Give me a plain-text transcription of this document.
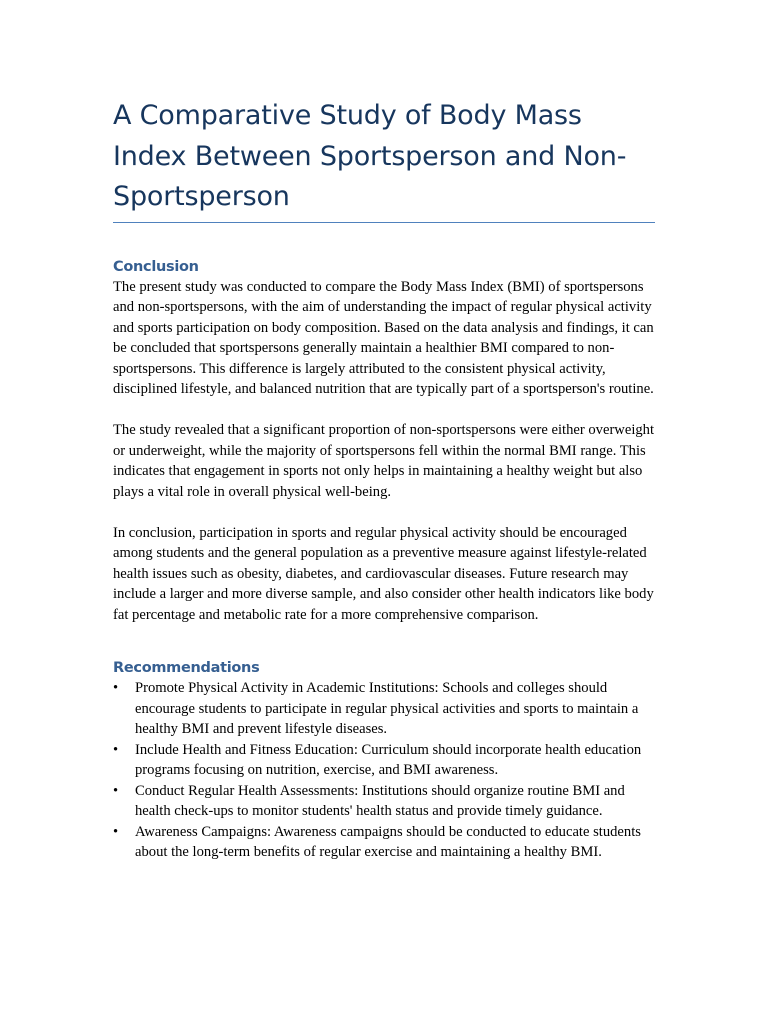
A Comparative Study of Body Mass Index Between Sportsperson and Non-Sportsperson
Conclusion

The present study was conducted to compare the Body Mass Index (BMI) of sportspersons and non-sportspersons, with the aim of understanding the impact of regular physical activity and sports participation on body composition. Based on the data analysis and findings, it can be concluded that sportspersons generally maintain a healthier BMI compared to non-sportspersons. This difference is largely attributed to the consistent physical activity, disciplined lifestyle, and balanced nutrition that are typically part of a sportsperson's routine.

The study revealed that a significant proportion of non-sportspersons were either overweight or underweight, while the majority of sportspersons fell within the normal BMI range. This indicates that engagement in sports not only helps in maintaining a healthy weight but also plays a vital role in overall physical well-being.

In conclusion, participation in sports and regular physical activity should be encouraged among students and the general population as a preventive measure against lifestyle-related health issues such as obesity, diabetes, and cardiovascular diseases. Future research may include a larger and more diverse sample, and also consider other health indicators like body fat percentage and metabolic rate for a more comprehensive comparison.

Recommendations
•	Promote Physical Activity in Academic Institutions: Schools and colleges should encourage students to participate in regular physical activities and sports to maintain a healthy BMI and prevent lifestyle diseases.
•	Include Health and Fitness Education: Curriculum should incorporate health education programs focusing on nutrition, exercise, and BMI awareness.
•	Conduct Regular Health Assessments: Institutions should organize routine BMI and health check-ups to monitor students' health status and provide timely guidance.
•	Awareness Campaigns: Awareness campaigns should be conducted to educate students about the long-term benefits of regular exercise and maintaining a healthy BMI.
